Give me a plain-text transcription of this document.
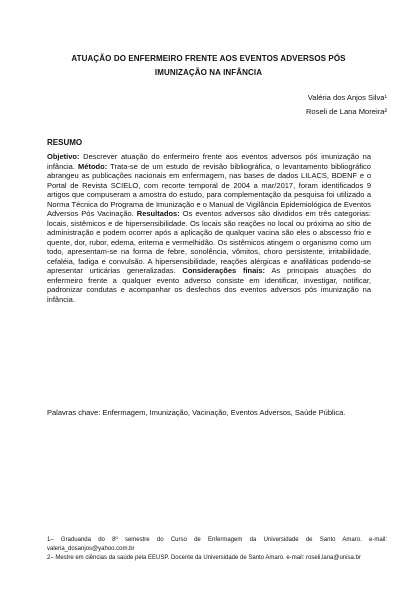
ATUAÇÃO DO ENFERMEIRO FRENTE AOS EVENTOS ADVERSOS PÓS
IMUNIZAÇÃO NA INFÂNCIA
Valéria dos Anjos Silva¹
Roseli de Lana Moreira²
RESUMO
Objetivo: Descrever atuação do enfermeiro frente aos eventos adversos pós imunização na infância. Método: Trata-se de um estudo de revisão bibliográfica, o levantamento bibliográfico abrangeu as publicações nacionais em enfermagem, nas bases de dados LILACS, BDENF e o Portal de Revista SCIELO, com recorte temporal de 2004 a mar/2017, foram identificados 9 artigos que compuseram a amostra do estudo, para complementação da pesquisa foi utilizado a Norma Técnica do Programa de Imunização e o Manual de Vigilância Epidemiológica de Eventos Adversos Pós Vacinação. Resultados: Os eventos adversos são divididos em três categorias: locais, sistêmicos e de hipersensibilidade. Os locais são reações no local ou próxima ao sítio de administração e podem ocorrer após a aplicação de qualquer vacina são eles o abscesso frio e quente, dor, rubor, edema, eritema e vermelhidão. Os sistêmicos atingem o organismo como um todo, apresentam-se na forma de febre, sonolência, vômitos, choro persistente, irritabilidade, cefaléia, fadiga e convulsão. A hipersensibilidade, reações alérgicas e anafiláticas podendo-se apresentar urticárias generalizadas. Considerações finais: As principais atuações do enfermeiro frente a qualquer evento adverso consiste em identificar, investigar, notificar, padronizar condutas e acompanhar os desfechos dos eventos adversos pós imunização na infância.
Palavras chave: Enfermagem, Imunização, Vacinação, Eventos Adversos, Saúde Pública.
1– Graduanda do 8º semestre do Curso de Enfermagem da Universidade de Santo Amaro. e-mail: valeria_dosanjos@yahoo.com.br
2– Mestre em ciências da saúde pela EEUSP. Docente da Universidade de Santo Amaro. e-mail: roseli.lana@unisa.br
